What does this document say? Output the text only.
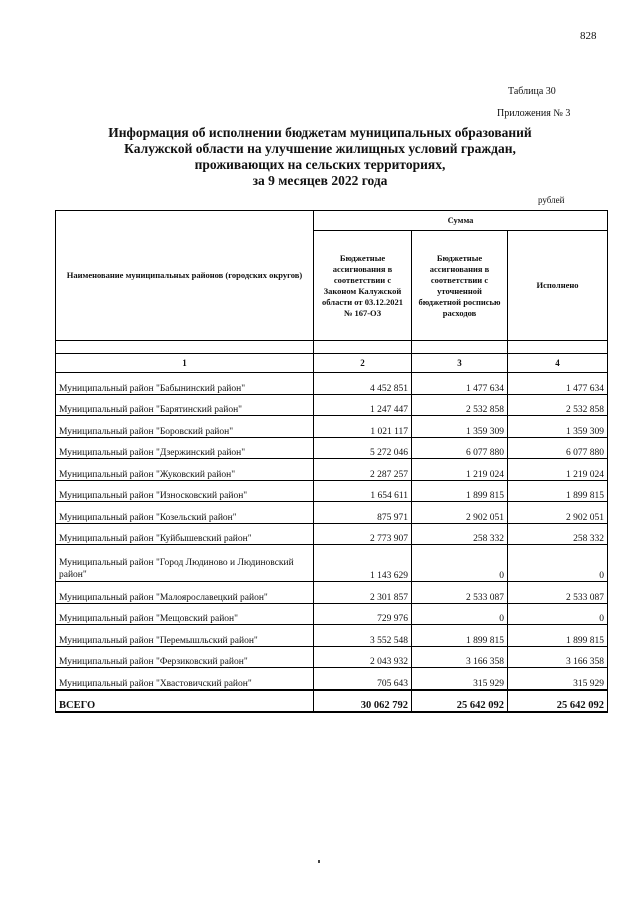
828
Таблица 30
Приложения № 3
Информация об исполнении бюджетам муниципальных образований
Калужской области на улучшение жилищных условий граждан,
проживающих на сельских территориях,
за 9 месяцев 2022 года
рублей
Наименование муниципальных районов (городских округов)	Сумма		
	Бюджетные ассигнования в соответствии с Законом Калужской области от 03.12.2021 № 167-ОЗ	Бюджетные ассигнования в соответствии с уточненной бюджетной росписью расходов	Исполнено

1	2	3	4
Муниципальный район "Бабынинский район"	4 452 851	1 477 634	1 477 634
Муниципальный район "Барятинский район"	1 247 447	2 532 858	2 532 858
Муниципальный район "Боровский район"	1 021 117	1 359 309	1 359 309
Муниципальный район "Дзержинский район"	5 272 046	6 077 880	6 077 880
Муниципальный район "Жуковский район"	2 287 257	1 219 024	1 219 024
Муниципальный район "Износковский район"	1 654 611	1 899 815	1 899 815
Муниципальный район "Козельский район"	875 971	2 902 051	2 902 051
Муниципальный район "Куйбышевский район"	2 773 907	258 332	258 332
Муниципальный район "Город Людиново и Людиновский район"	1 143 629	0	0
Муниципальный район "Малоярославецкий район"	2 301 857	2 533 087	2 533 087
Муниципальный район "Мещовский район"	729 976	0	0
Муниципальный район "Перемышльский район"	3 552 548	1 899 815	1 899 815
Муниципальный район "Ферзиковский район"	2 043 932	3 166 358	3 166 358
Муниципальный район "Хвастовичский район"	705 643	315 929	315 929
ВСЕГО	30 062 792	25 642 092	25 642 092
